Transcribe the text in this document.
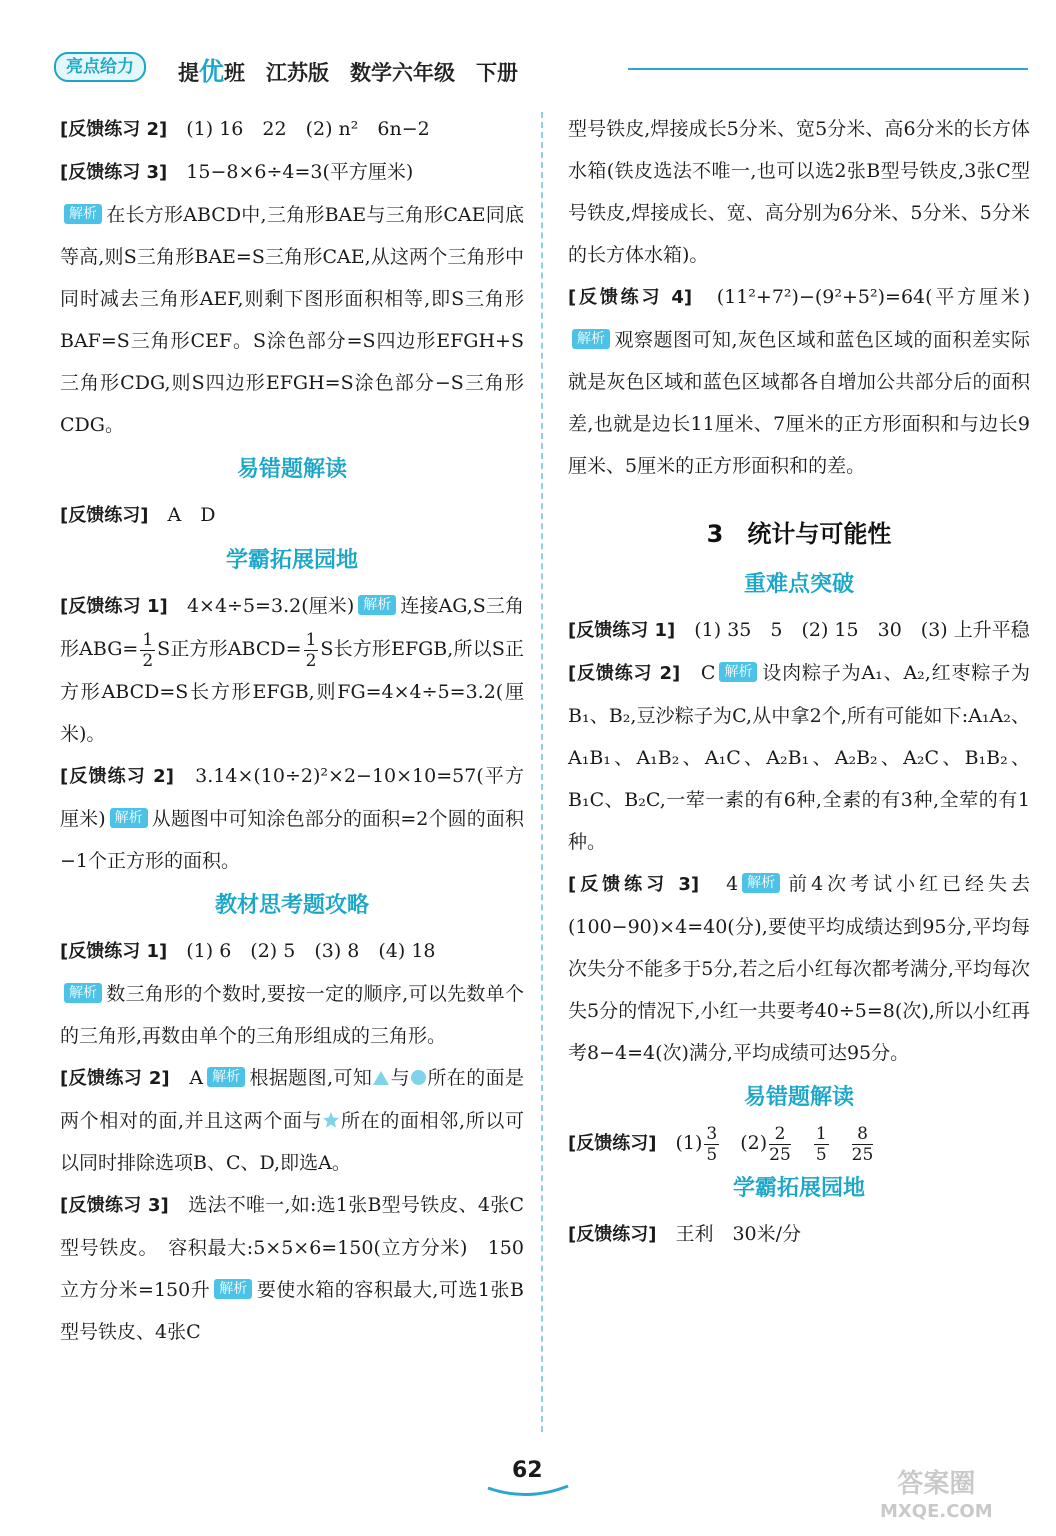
亮点给力	提优班　江苏版　数学六年级　下册

[反馈练习 2]　 (1) 16　22　(2) n²　6n−2

[反馈练习 3]　 15−8×6÷4=3(平方厘米)

解析 在长方形ABCD中,三角形BAE与三角形CAE同底等高,则S三角形BAE=S三角形CAE,从这两个三角形中同时减去三角形AEF,则剩下图形面积相等,即S三角形BAF=S三角形CEF。S涂色部分=S四边形EFGH+S三角形CDG,则S四边形EFGH=S涂色部分−S三角形CDG。

易错题解读

[反馈练习]　 A　D

学霸拓展园地

[反馈练习 1]　 4×4÷5=3.2(厘米) 解析 连接AG,S三角形$ABG= \frac{1}{2}$ S正方形ABCD= $\frac{1}{2}$ S长方形EFGB,所以S正方形ABCD=S长方形EFGB,则FG=4×4÷5=3.2(厘米)。

[反馈练习 2]　 3.14×(10÷2)²×2−10×10=57(平方厘米) 解析 从题图中可知涂色部分的面积=2个圆的面积−1个正方形的面积。

教材思考题攻略

[反馈练习 1]　 (1) 6　(2) 5　(3) 8　(4) 18

解析 数三角形的个数时,要按一定的顺序,可以先数单个的三角形,再数由单个的三角形组成的三角形。

[反馈练习 2]　 A 解析 根据题图,可知 与 所在的面是两个相对的面,并且这两个面与 所在的面相邻,所以可以同时排除选项B、C、D,即选A。

[反馈练习 3]　 选法不唯一,如:选1张B型号铁皮、4张C型号铁皮。　容积最大:5×5×6=150(立方分米)　150立方分米=150升 解析 要使水箱的容积最大,可选1张B型号铁皮、4张C

型号铁皮,焊接成长5分米、宽5分米、高6分米的长方体水箱(铁皮选法不唯一,也可以选2张B型号铁皮,3张C型号铁皮,焊接成长、宽、高分别为6分米、5分米、5分米的长方体水箱)。

[反馈练习 4]　 (11²+7²)−(9²+5²)=64(平方厘米)解析 观察题图可知,灰色区域和蓝色区域的面积差实际就是灰色区域和蓝色区域都各自增加公共部分后的面积差,也就是边长11厘米、7厘米的正方形面积和与边长9厘米、5厘米的正方形面积和的差。

3　统计与可能性
重难点突破

[反馈练习 1]　 (1) 35　5　(2) 15　30　(3) 上升平稳

[反馈练习 2]　 C 解析 设肉粽子为A₁、A₂,红枣粽子为B₁、B₂,豆沙粽子为C,从中拿2个,所有可能如下:A₁A₂、A₁B₁、A₁B₂、A₁C、A₂B₁、A₂B₂、A₂C、B₁B₂、B₁C、B₂C,一荤一素的有6种,全素的有3种,全荤的有1种。

[反馈练习 3]　 4 解析 前4次考试小红已经失去(100−90)×4=40(分),要使平均成绩达到95分,平均每次失分不能多于5分,若之后小红每次都考满分,平均每次失5分的情况下,小红一共要考40÷5=8(次),所以小红再考8−4=4(次)满分,平均成绩可达95分。

易错题解读

[反馈练习]　 $(1) \frac{3}{5}$
　 $(2) \frac{2}{25}$
　 $\frac{1}{5}$
　 $\frac{8}{25}$

学霸拓展园地

[反馈练习]　 王利　30米/分

62	答案圈
MXQE.COM
